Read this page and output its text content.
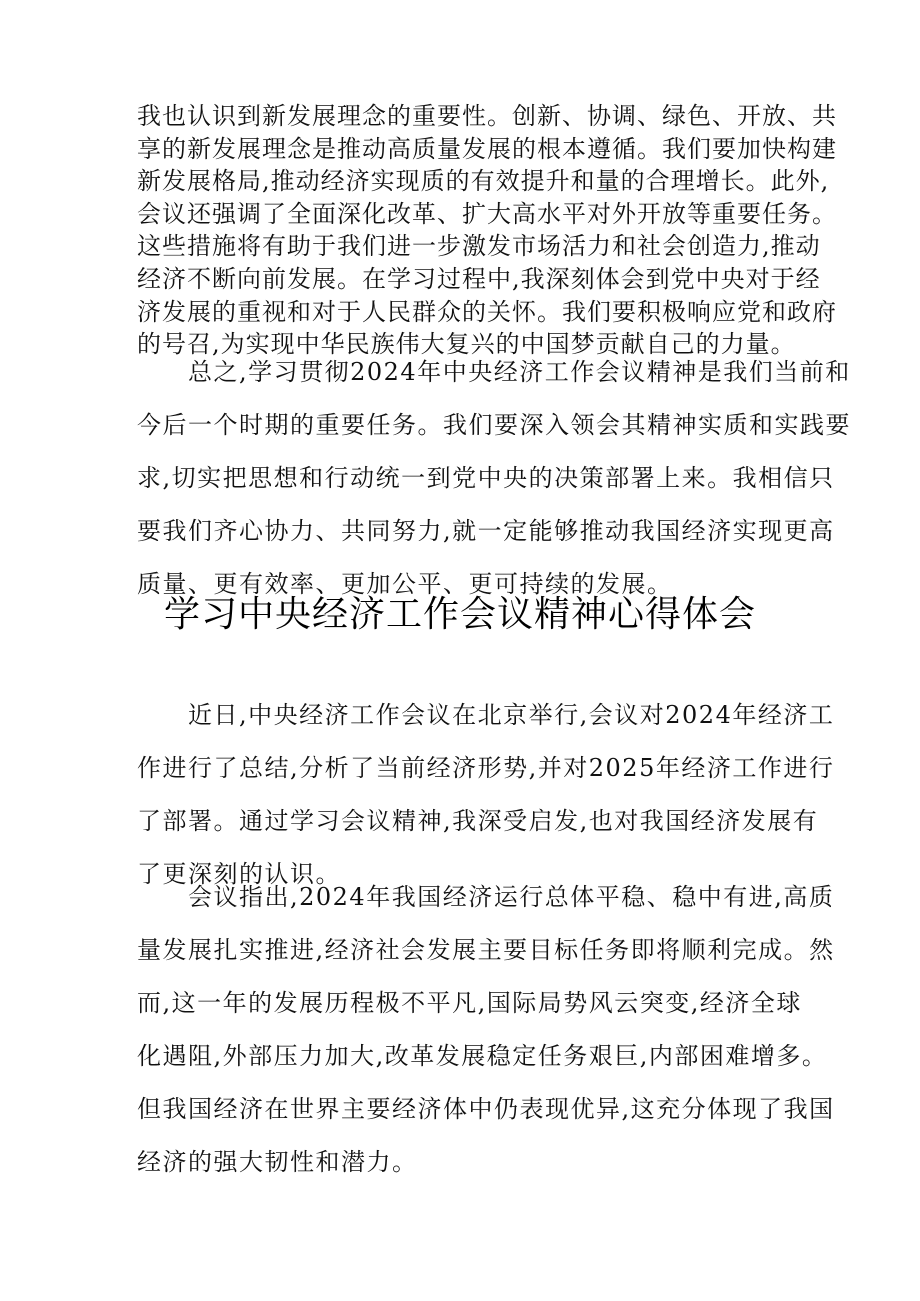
我也认识到新发展理念的重要性。创新、协调、绿色、开放、共
享的新发展理念是推动高质量发展的根本遵循。我们要加快构建
新发展格局,推动经济实现质的有效提升和量的合理增长。此外,
会议还强调了全面深化改革、扩大高水平对外开放等重要任务。
这些措施将有助于我们进一步激发市场活力和社会创造力,推动
经济不断向前发展。在学习过程中,我深刻体会到党中央对于经
济发展的重视和对于人民群众的关怀。我们要积极响应党和政府
的号召,为实现中华民族伟大复兴的中国梦贡献自己的力量。
　　总之,学习贯彻2024年中央经济工作会议精神是我们当前和
今后一个时期的重要任务。我们要深入领会其精神实质和实践要
求,切实把思想和行动统一到党中央的决策部署上来。我相信只
要我们齐心协力、共同努力,就一定能够推动我国经济实现更高
质量、更有效率、更加公平、更可持续的发展。
学习中央经济工作会议精神心得体会
　　近日,中央经济工作会议在北京举行,会议对2024年经济工
作进行了总结,分析了当前经济形势,并对2025年经济工作进行
了部署。通过学习会议精神,我深受启发,也对我国经济发展有
了更深刻的认识。
　　会议指出,2024年我国经济运行总体平稳、稳中有进,高质
量发展扎实推进,经济社会发展主要目标任务即将顺利完成。然
而,这一年的发展历程极不平凡,国际局势风云突变,经济全球
化遇阻,外部压力加大,改革发展稳定任务艰巨,内部困难增多。
但我国经济在世界主要经济体中仍表现优异,这充分体现了我国
经济的强大韧性和潜力。
